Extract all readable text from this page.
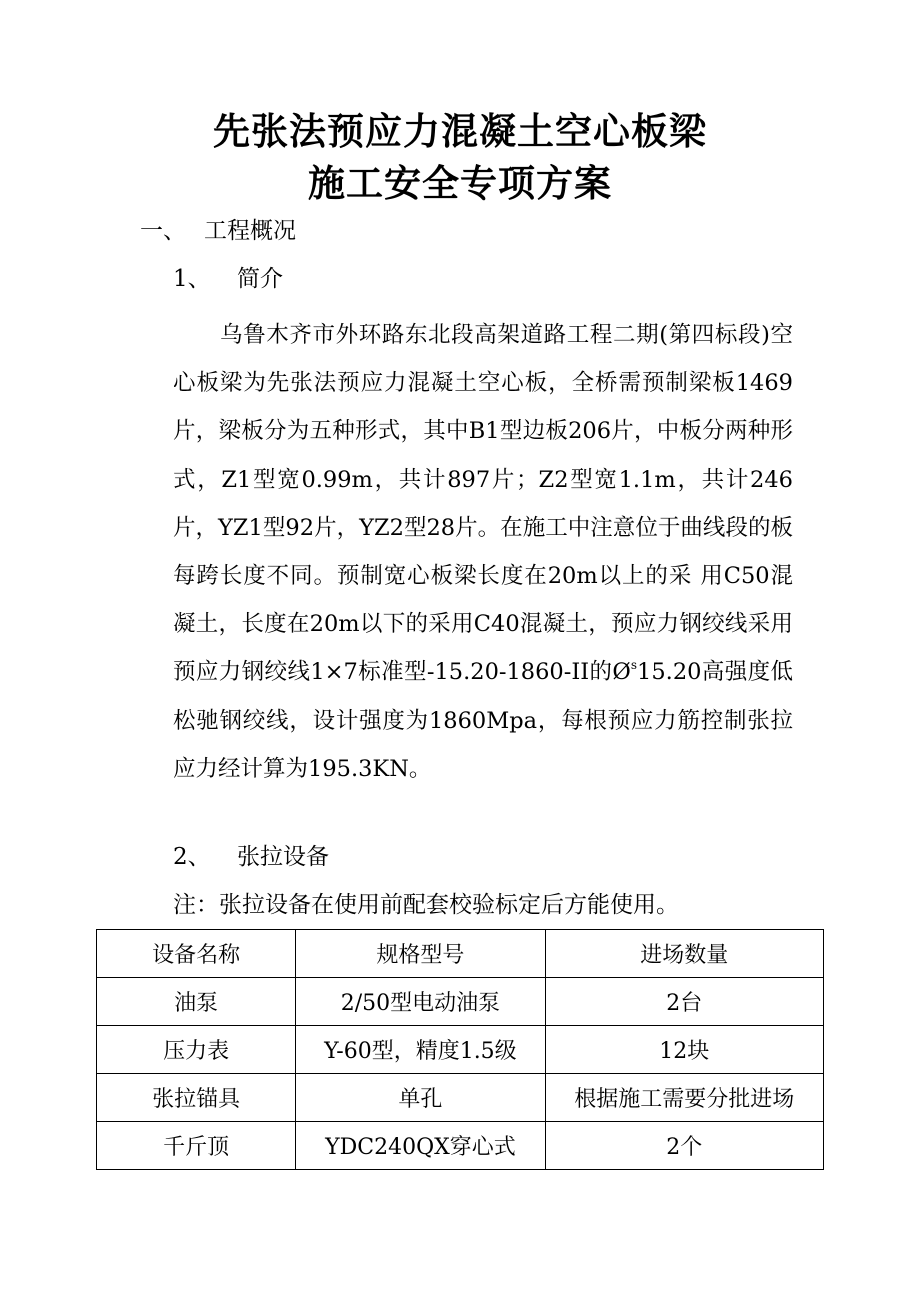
先张法预应力混凝土空心板梁
施工安全专项方案
一、 工程概况
1、 简介

乌鲁木齐市外环路东北段高架道路工程二期(第四标段)空心板梁为先张法预应力混凝土空心板，全桥需预制梁板1469片，梁板分为五种形式，其中B1型边板206片，中板分两种形式，Z1型宽0.99m，共计897片；Z2型宽1.1m，共计246片，YZ1型92片，YZ2型28片。在施工中注意位于曲线段的板每跨长度不同。预制宽心板梁长度在20m以上的采 用C50混凝土，长度在20m以下的采用C40混凝土，预应力钢绞线采用预应力钢绞线1×7标准型-15.20-1860-II的$Ø^s15.20$高强度低松驰钢绞线，设计强度为1860Mpa，每根预应力筋控制张拉应力经计算为195.3KN。

2、 张拉设备
注：张拉设备在使用前配套校验标定后方能使用。
设备名称	规格型号	进场数量
油泵	2/50型电动油泵	2台
压力表	Y-60型，精度1.5级	12块
张拉锚具	单孔	根据施工需要分批进场
千斤顶	YDC240QX穿心式	2个
